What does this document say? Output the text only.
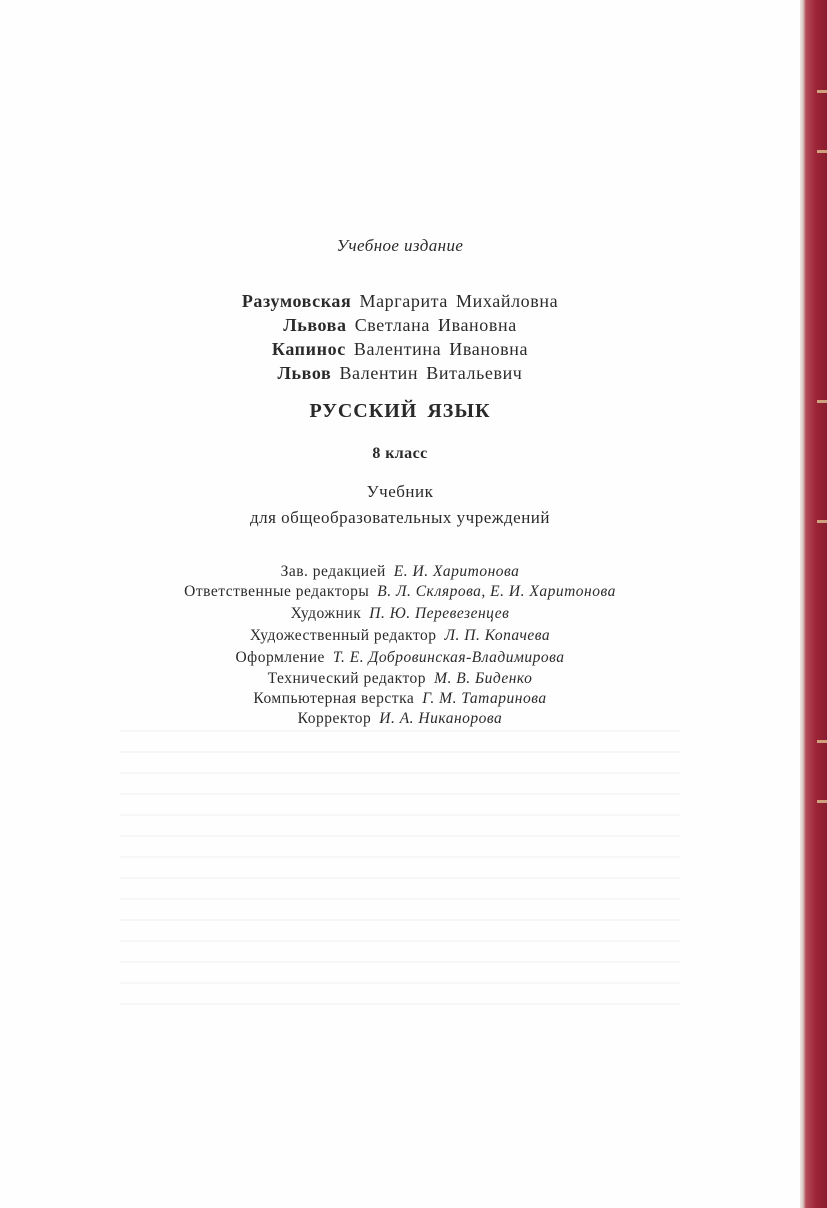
Учебное издание
Разумовская Маргарита Михайловна
Львова Светлана Ивановна
Капинос Валентина Ивановна
Львов Валентин Витальевич
РУССКИЙ ЯЗЫК
8 класс
Учебник
для общеобразовательных учреждений
Зав. редакцией Е. И. Харитонова
Ответственные редакторы В. Л. Склярова, Е. И. Харитонова
Художник П. Ю. Перевезенцев
Художественный редактор Л. П. Копачева
Оформление Т. Е. Добровинская-Владимирова
Технический редактор М. В. Биденко
Компьютерная верстка Г. М. Татаринова
Корректор И. А. Никанорова
